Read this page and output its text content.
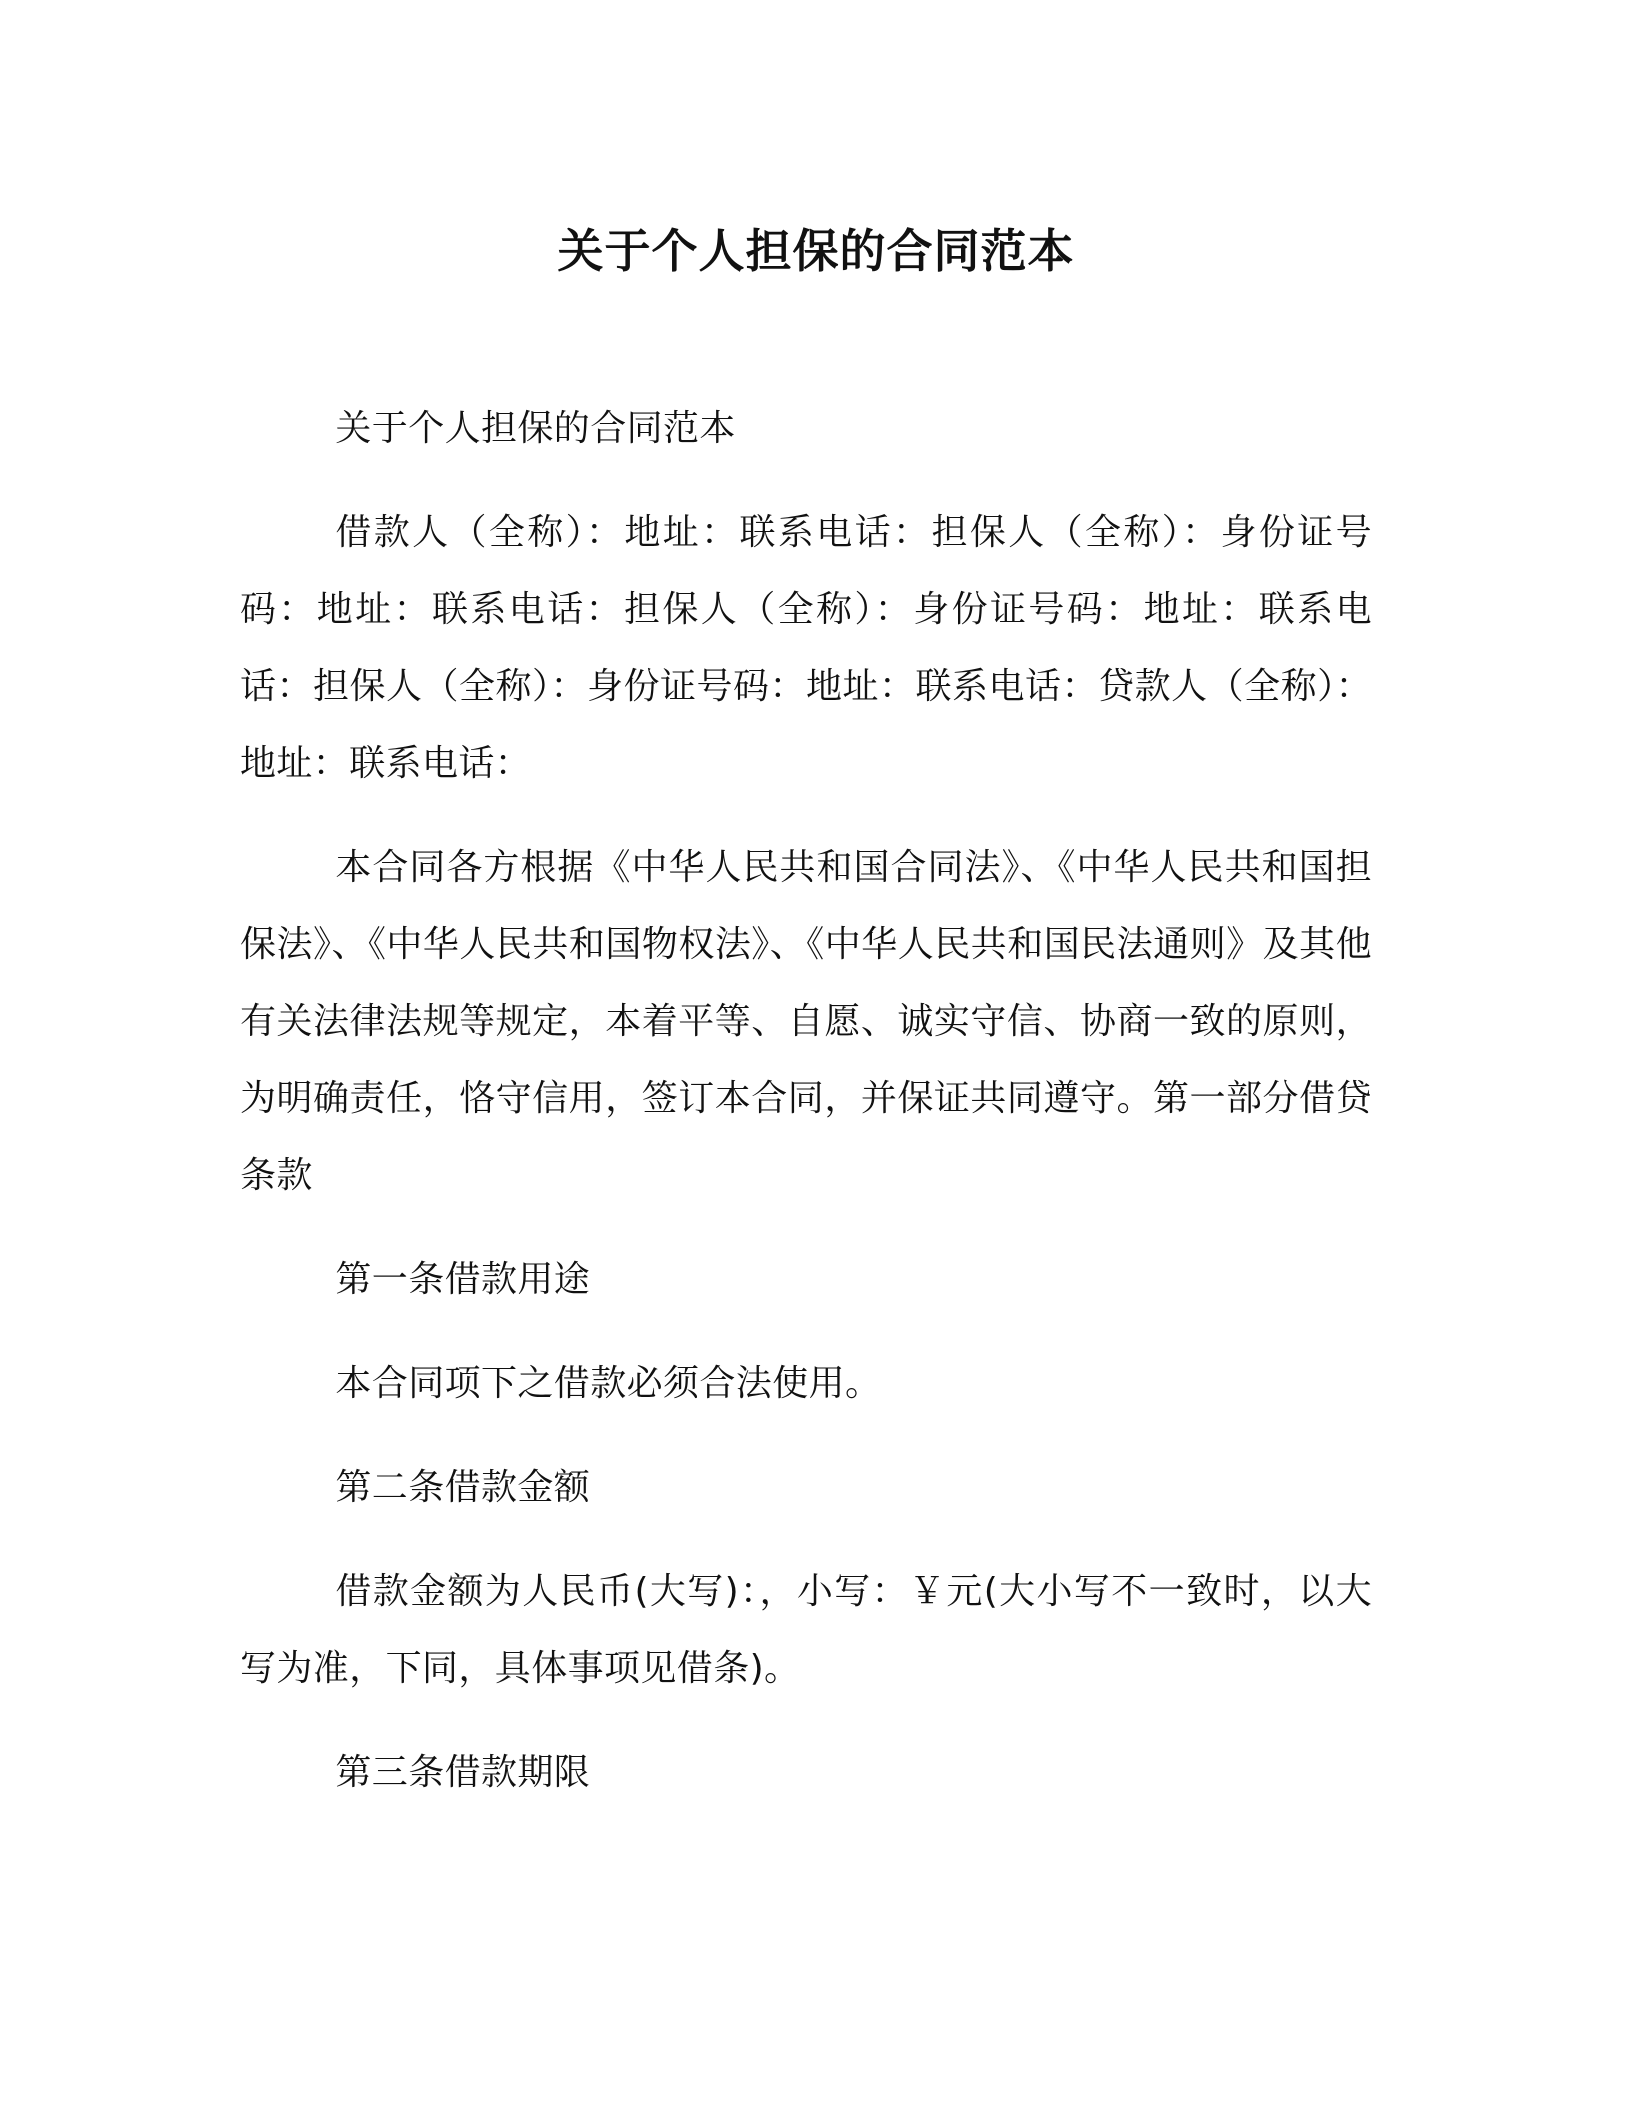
关于个人担保的合同范本

关于个人担保的合同范本

借款人（全称）：地址：联系电话：担保人（全称）：身份证号码：地址：联系电话：担保人（全称）：身份证号码：地址：联系电话：担保人（全称）：身份证号码：地址：联系电话：贷款人（全称）：地址：联系电话：

本合同各方根据《中华人民共和国合同法》、《中华人民共和国担保法》、《中华人民共和国物权法》、《中华人民共和国民法通则》及其他有关法律法规等规定，本着平等、自愿、诚实守信、协商一致的原则，为明确责任，恪守信用，签订本合同，并保证共同遵守。第一部分借贷条款

第一条借款用途

本合同项下之借款必须合法使用。

第二条借款金额

借款金额为人民币(大写)：，小写：￥元(大小写不一致时，以大写为准，下同，具体事项见借条)。

第三条借款期限
